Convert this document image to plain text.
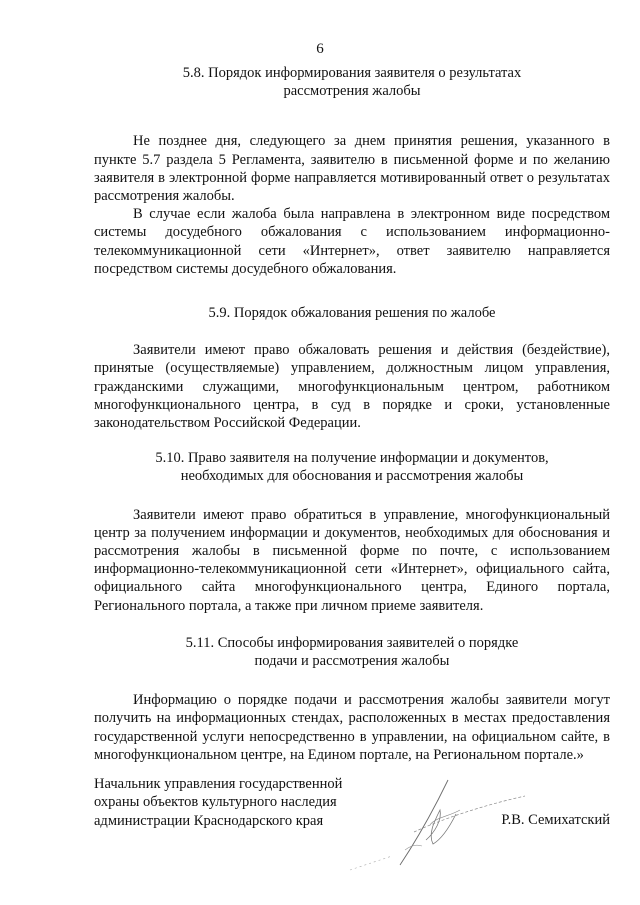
6
5.8. Порядок информирования заявителя о результатах
рассмотрения жалобы

Не позднее дня, следующего за днем принятия решения, указанного в пункте 5.7 раздела 5 Регламента, заявителю в письменной форме и по желанию заявителя в электронной форме направляется мотивированный ответ о результатах рассмотрения жалобы.

В случае если жалоба была направлена в электронном виде посредством системы досудебного обжалования с использованием информационно-телекоммуникационной сети «Интернет», ответ заявителю направляется посредством системы досудебного обжалования.

5.9. Порядок обжалования решения по жалобе

Заявители имеют право обжаловать решения и действия (бездействие), принятые (осуществляемые) управлением, должностным лицом управления, гражданскими служащими, многофункциональным центром, работником многофункционального центра, в суд в порядке и сроки, установленные законодательством Российской Федерации.

5.10. Право заявителя на получение информации и документов,
необходимых для обоснования и рассмотрения жалобы

Заявители имеют право обратиться в управление, многофункциональный центр за получением информации и документов, необходимых для обоснования и рассмотрения жалобы в письменной форме по почте, с использованием информационно-телекоммуникационной сети «Интернет», официального сайта, официального сайта многофункционального центра, Единого портала, Регионального портала, а также при личном приеме заявителя.

5.11. Способы информирования заявителей о порядке
подачи и рассмотрения жалобы

Информацию о порядке подачи и рассмотрения жалобы заявители могут получить на информационных стендах, расположенных в местах предоставления государственной услуги непосредственно в управлении, на официальном сайте, в многофункциональном центре, на Едином портале, на Региональном портале.»

Начальник управления государственной
охраны объектов культурного наследия
администрации Краснодарского края	Р.В. Семихатский
